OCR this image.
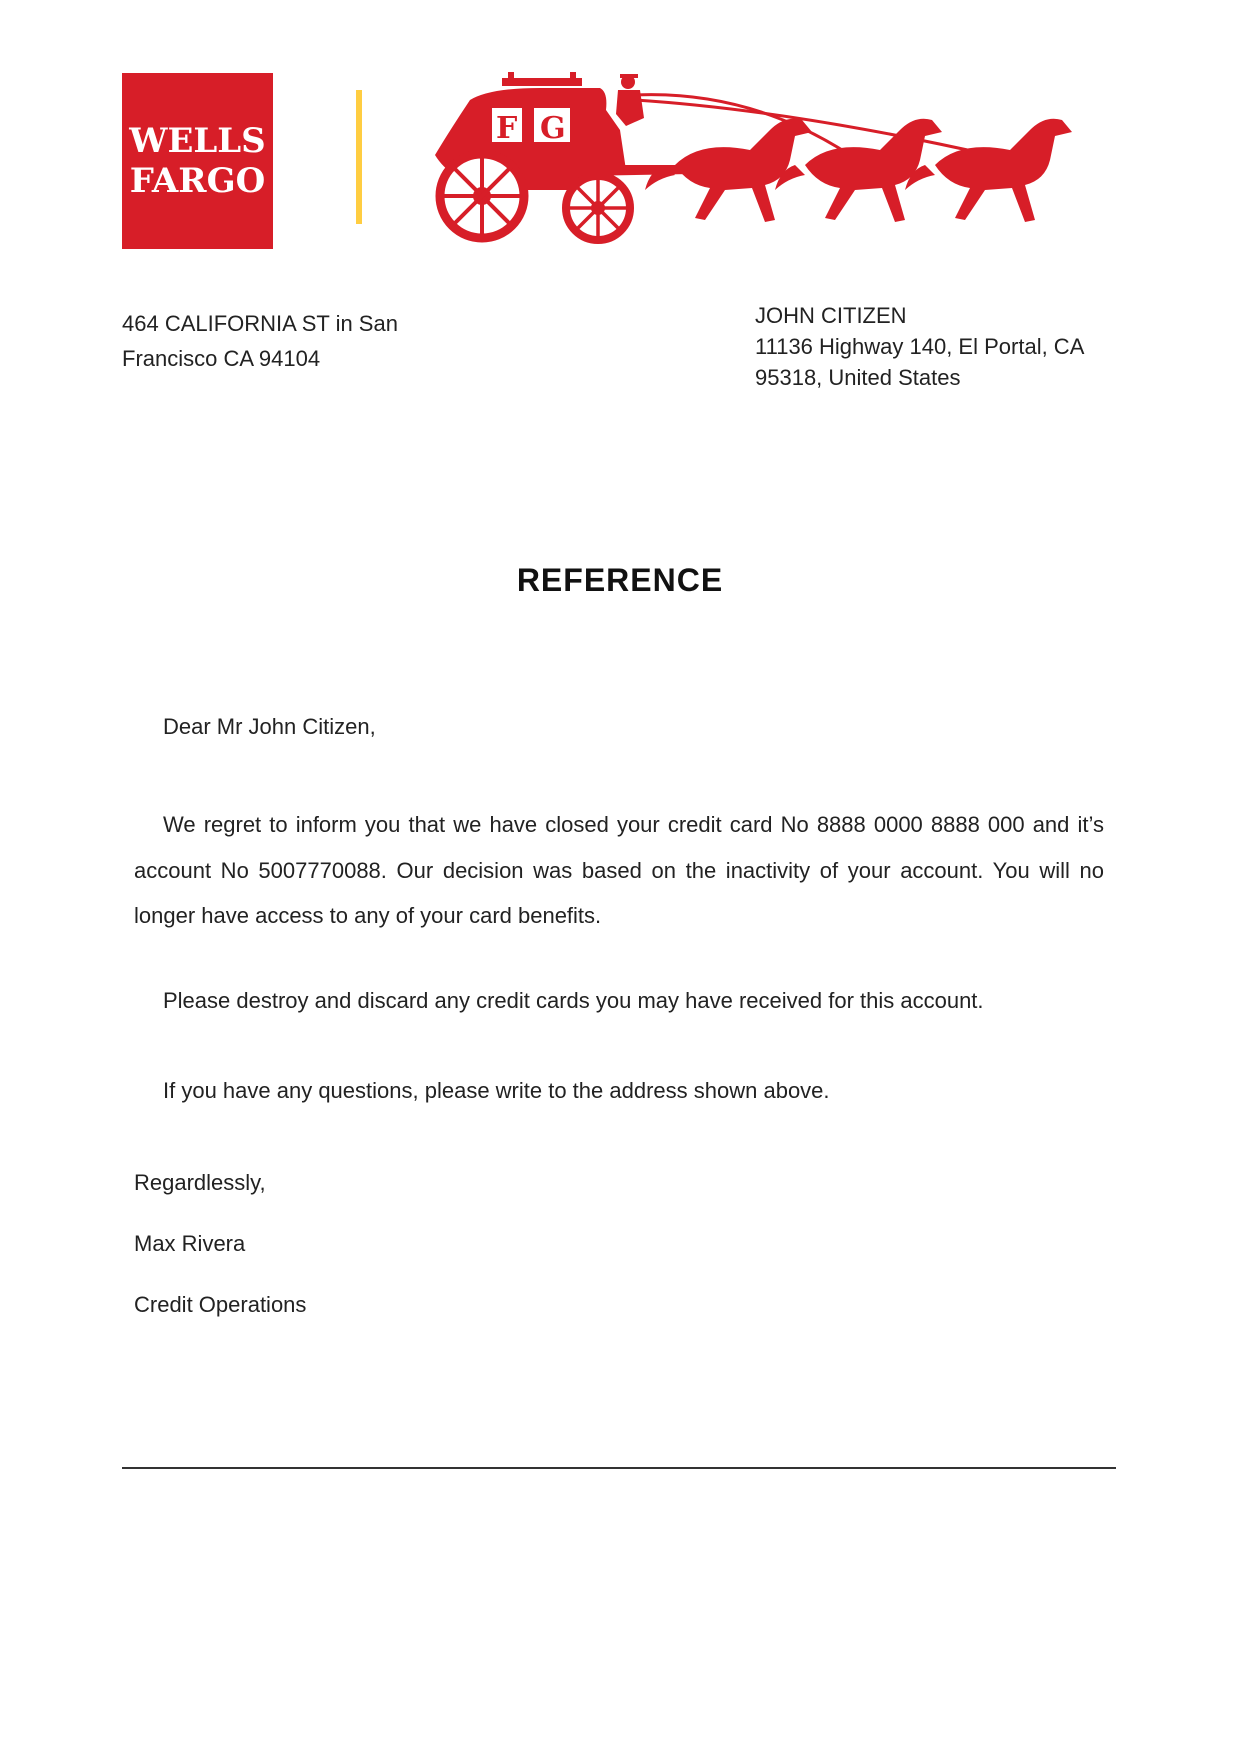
WELLS
FARGO
F G
464 CALIFORNIA ST in San
Francisco CA 94104
JOHN CITIZEN
11136 Highway 140, El Portal, CA
95318, United States
REFERENCE

Dear Mr John Citizen,

We regret to inform you that we have closed your credit card No 8888 0000 8888 000 and it’s account No 5007770088. Our decision was based on the inactivity of your account. You will no longer have access to any of your card benefits.

Please destroy and discard any credit cards you may have received for this account.

If you have any questions, please write to the address shown above.

Regardlessly,

Max Rivera

Credit Operations
